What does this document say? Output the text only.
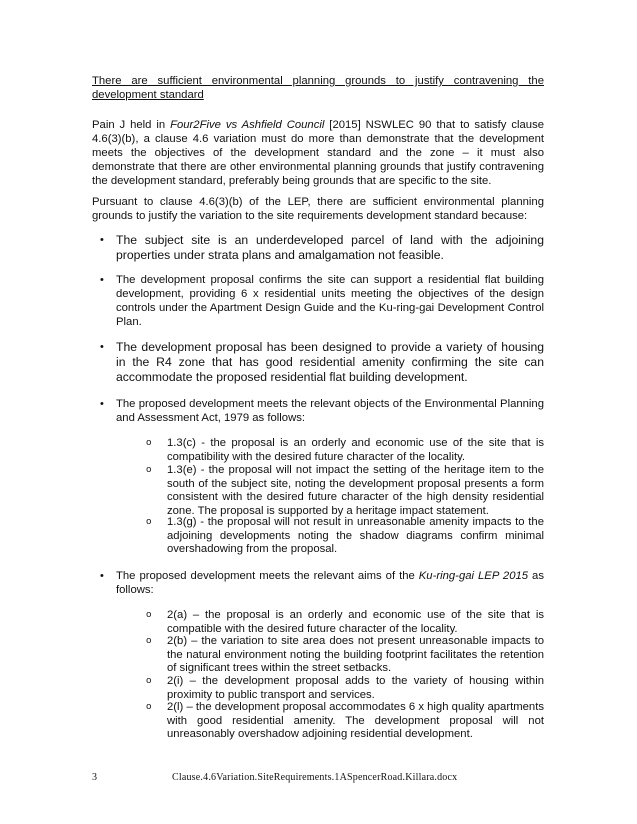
There are sufficient environmental planning grounds to justify contravening the development standard

Pain J held in Four2Five vs Ashfield Council [2015] NSWLEC 90 that to satisfy clause 4.6(3)(b), a clause 4.6 variation must do more than demonstrate that the development meets the objectives of the development standard and the zone – it must also demonstrate that there are other environmental planning grounds that justify contravening the development standard, preferably being grounds that are specific to the site.

Pursuant to clause 4.6(3)(b) of the LEP, there are sufficient environmental planning grounds to justify the variation to the site requirements development standard because:

• The subject site is an underdeveloped parcel of land with the adjoining properties under strata plans and amalgamation not feasible.
• The development proposal confirms the site can support a residential flat building development, providing 6 x residential units meeting the objectives of the design controls under the Apartment Design Guide and the Ku-ring-gai Development Control Plan.
• The development proposal has been designed to provide a variety of housing in the R4 zone that has good residential amenity confirming the site can accommodate the proposed residential flat building development.
• The proposed development meets the relevant objects of the Environmental Planning and Assessment Act, 1979 as follows:
o 1.3(c) - the proposal is an orderly and economic use of the site that is compatibility with the desired future character of the locality.
o 1.3(e) - the proposal will not impact the setting of the heritage item to the south of the subject site, noting the development proposal presents a form consistent with the desired future character of the high density residential zone. The proposal is supported by a heritage impact statement.
o 1.3(g) - the proposal will not result in unreasonable amenity impacts to the adjoining developments noting the shadow diagrams confirm minimal overshadowing from the proposal.
• The proposed development meets the relevant aims of the Ku-ring-gai LEP 2015 as follows:
o 2(a) – the proposal is an orderly and economic use of the site that is compatible with the desired future character of the locality.
o 2(b) – the variation to site area does not present unreasonable impacts to the natural environment noting the building footprint facilitates the retention of significant trees within the street setbacks.
o 2(i) – the development proposal adds to the variety of housing within proximity to public transport and services.
o 2(l) – the development proposal accommodates 6 x high quality apartments with good residential amenity. The development proposal will not unreasonably overshadow adjoining residential development.
3	Clause.4.6Variation.SiteRequirements.1ASpencerRoad.Killara.docx
